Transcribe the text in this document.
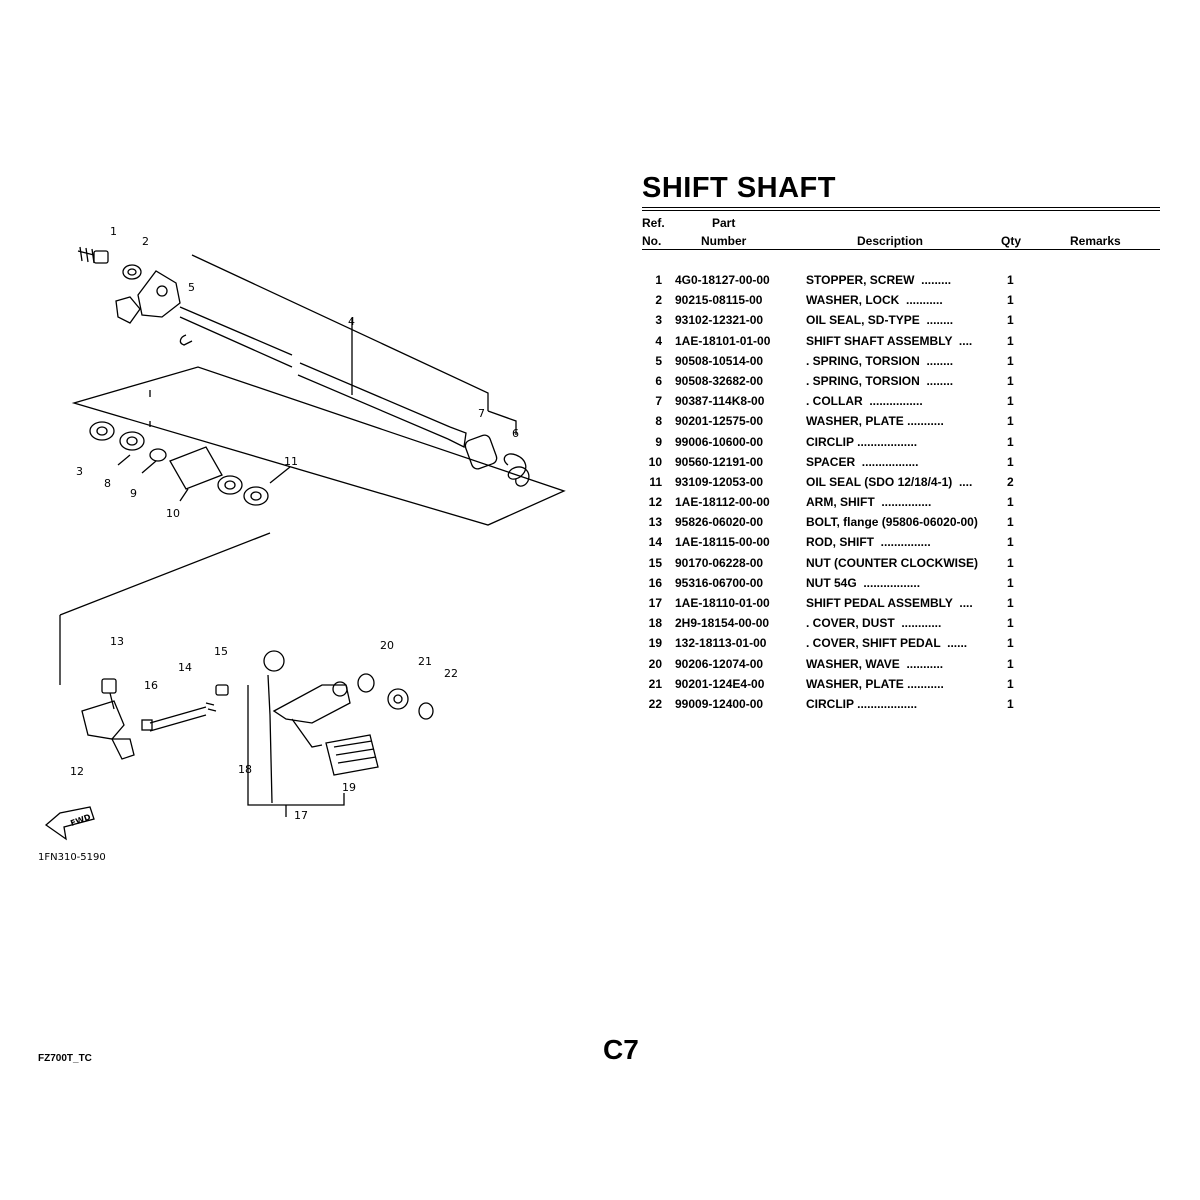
1
2
3
4
5
6
7
8
9
10
11
12
13
14
15
16
17
18
19
20
21
22
FWD
1FN310-5190
SHIFT SHAFT
Ref.
No.
Part
Number	Description	Qty	Remarks
1 4G0-18127-00-00	STOPPER, SCREW  .........	1
2 90215-08115-00	WASHER, LOCK  ...........	1
3 93102-12321-00	OIL SEAL, SD-TYPE  ........	1
4 1AE-18101-01-00	SHIFT SHAFT ASSEMBLY  ....	1
5 90508-10514-00	. SPRING, TORSION  ........	1
6 90508-32682-00	. SPRING, TORSION  ........	1
7 90387-114K8-00	. COLLAR  ................	1
8 90201-12575-00	WASHER, PLATE ...........	1
9 99006-10600-00	CIRCLIP ..................	1
10 90560-12191-00	SPACER  .................	1
11 93109-12053-00	OIL SEAL (SDO 12/18/4-1)  ....	2
12 1AE-18112-00-00	ARM, SHIFT  ...............	1
13 95826-06020-00	BOLT, flange (95806-06020-00) 1
14 1AE-18115-00-00	ROD, SHIFT  ...............	1
15 90170-06228-00	NUT (COUNTER CLOCKWISE) 1
16 95316-06700-00	NUT 54G  .................	1
17 1AE-18110-01-00	SHIFT PEDAL ASSEMBLY  ....	1
18 2H9-18154-00-00	. COVER, DUST  ............	1
19 132-18113-01-00	. COVER, SHIFT PEDAL  ......	1
20 90206-12074-00	WASHER, WAVE  ...........	1
21 90201-124E4-00	WASHER, PLATE ...........	1
22 99009-12400-00	CIRCLIP ..................	1
C7
FZ700T_TC
